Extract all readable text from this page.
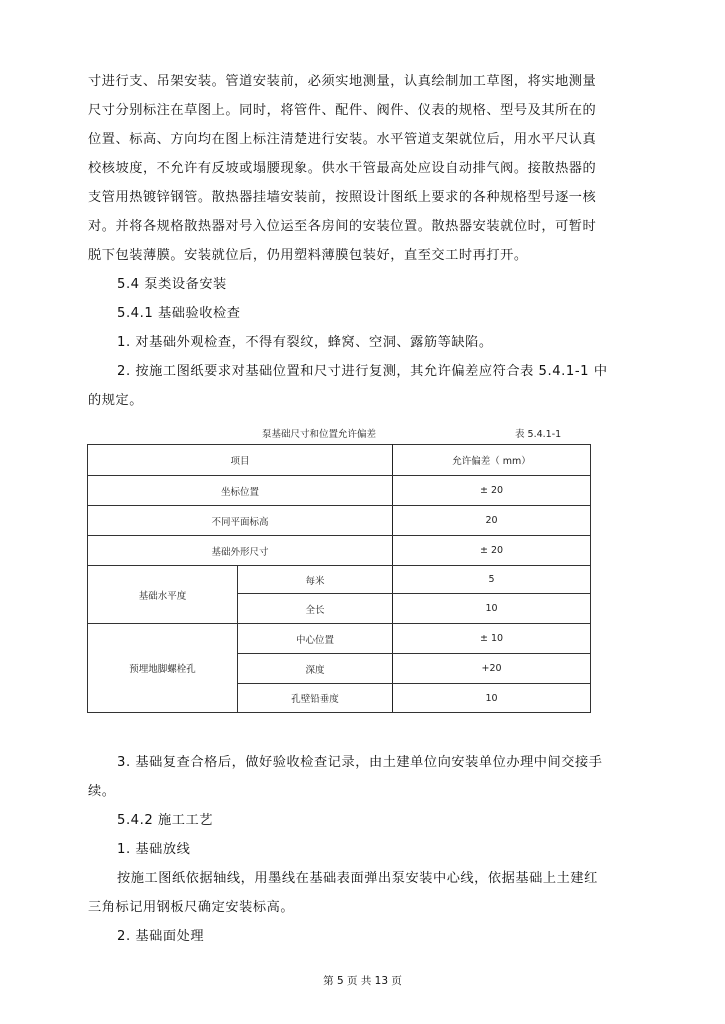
寸进行支、吊架安装。管道安装前，必须实地测量，认真绘制加工草图，将实地测量
尺寸分别标注在草图上。同时，将管件、配件、阀件、仪表的规格、型号及其所在的
位置、标高、方向均在图上标注清楚进行安装。水平管道支架就位后，用水平尺认真
校核坡度，不允许有反坡或塌腰现象。供水干管最高处应设自动排气阀。接散热器的
支管用热镀锌钢管。散热器挂墙安装前，按照设计图纸上要求的各种规格型号逐一核
对。并将各规格散热器对号入位运至各房间的安装位置。散热器安装就位时，可暂时
脱下包装薄膜。安装就位后，仍用塑料薄膜包装好，直至交工时再打开。
5.4 泵类设备安装
5.4.1 基础验收检查
1. 对基础外观检查，不得有裂纹，蜂窝、空洞、露筋等缺陷。
2. 按施工图纸要求对基础位置和尺寸进行复测，其允许偏差应符合表 5.4.1-1 中
的规定。
泵基础尺寸和位置允许偏差	表 5.4.1-1
项目		允许偏差（ mm）
坐标位置		± 20
不同平面标高		20
基础外形尺寸		± 20
基础水平度	每米	5
	全长	10
预埋地脚螺栓孔	中心位置	± 10
	深度	+20
	孔壁铅垂度	10
3. 基础复查合格后，做好验收检查记录，由土建单位向安装单位办理中间交接手
续。
5.4.2 施工工艺
1. 基础放线
按施工图纸依据轴线，用墨线在基础表面弹出泵安装中心线，依据基础上土建红
三角标记用钢板尺确定安装标高。
2. 基础面处理
第 5 页 共 13 页
